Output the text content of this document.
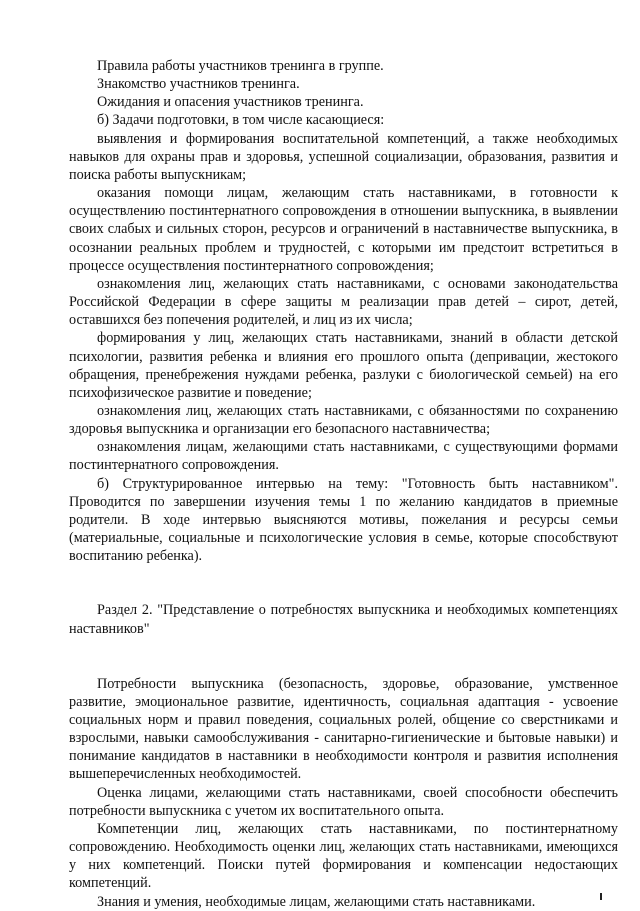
Правила работы участников тренинга в группе.

Знакомство участников тренинга.

Ожидания и опасения участников тренинга.

б) Задачи подготовки, в том числе касающиеся:

выявления и формирования воспитательной компетенций, а также необходимых навыков для охраны прав и здоровья, успешной социализации, образования, развития и поиска работы выпускникам;

оказания помощи лицам, желающим стать наставниками, в готовности к осуществлению постинтернатного сопровождения в отношении выпускника, в выявлении своих слабых и сильных сторон, ресурсов и ограничений в наставничестве выпускника, в осознании реальных проблем и трудностей, с которыми им предстоит встретиться в процессе осуществления постинтернатного сопровождения;

ознакомления лиц, желающих стать наставниками, с основами законодательства Российской Федерации в сфере защиты м реализации прав детей – сирот, детей, оставшихся без попечения родителей, и лиц из их числа;

формирования у лиц, желающих стать наставниками, знаний в области детской психологии, развития ребенка и влияния его прошлого опыта (депривации, жестокого обращения, пренебрежения нуждами ребенка, разлуки с биологической семьей) на его психофизическое развитие и поведение;

ознакомления лиц, желающих стать наставниками, с обязанностями по сохранению здоровья выпускника и организации его безопасного наставничества;

ознакомления лицам, желающими стать наставниками, с существующими формами постинтернатного сопровождения.

б) Структурированное интервью на тему: "Готовность быть наставником". Проводится по завершении изучения темы 1 по желанию кандидатов в приемные родители. В ходе интервью выясняются мотивы, пожелания и ресурсы семьи (материальные, социальные и психологические условия в семье, которые способствуют воспитанию ребенка).

Раздел 2. "Представление о потребностях выпускника и необходимых компетенциях наставников"

Потребности выпускника (безопасность, здоровье, образование, умственное развитие, эмоциональное развитие, идентичность, социальная адаптация - усвоение социальных норм и правил поведения, социальных ролей, общение со сверстниками и взрослыми, навыки самообслуживания - санитарно-гигиенические и бытовые навыки) и понимание кандидатов в наставники в необходимости контроля и развития исполнения вышеперечисленных необходимостей.

Оценка лицами, желающими стать наставниками, своей способности обеспечить потребности выпускника с учетом их воспитательного опыта.

Компетенции лиц, желающих стать наставниками, по постинтернатному сопровождению. Необходимость оценки лиц, желающих стать наставниками, имеющихся у них компетенций. Поиски путей формирования и компенсации недостающих компетенций.

Знания и умения, необходимые лицам, желающими стать наставниками.
